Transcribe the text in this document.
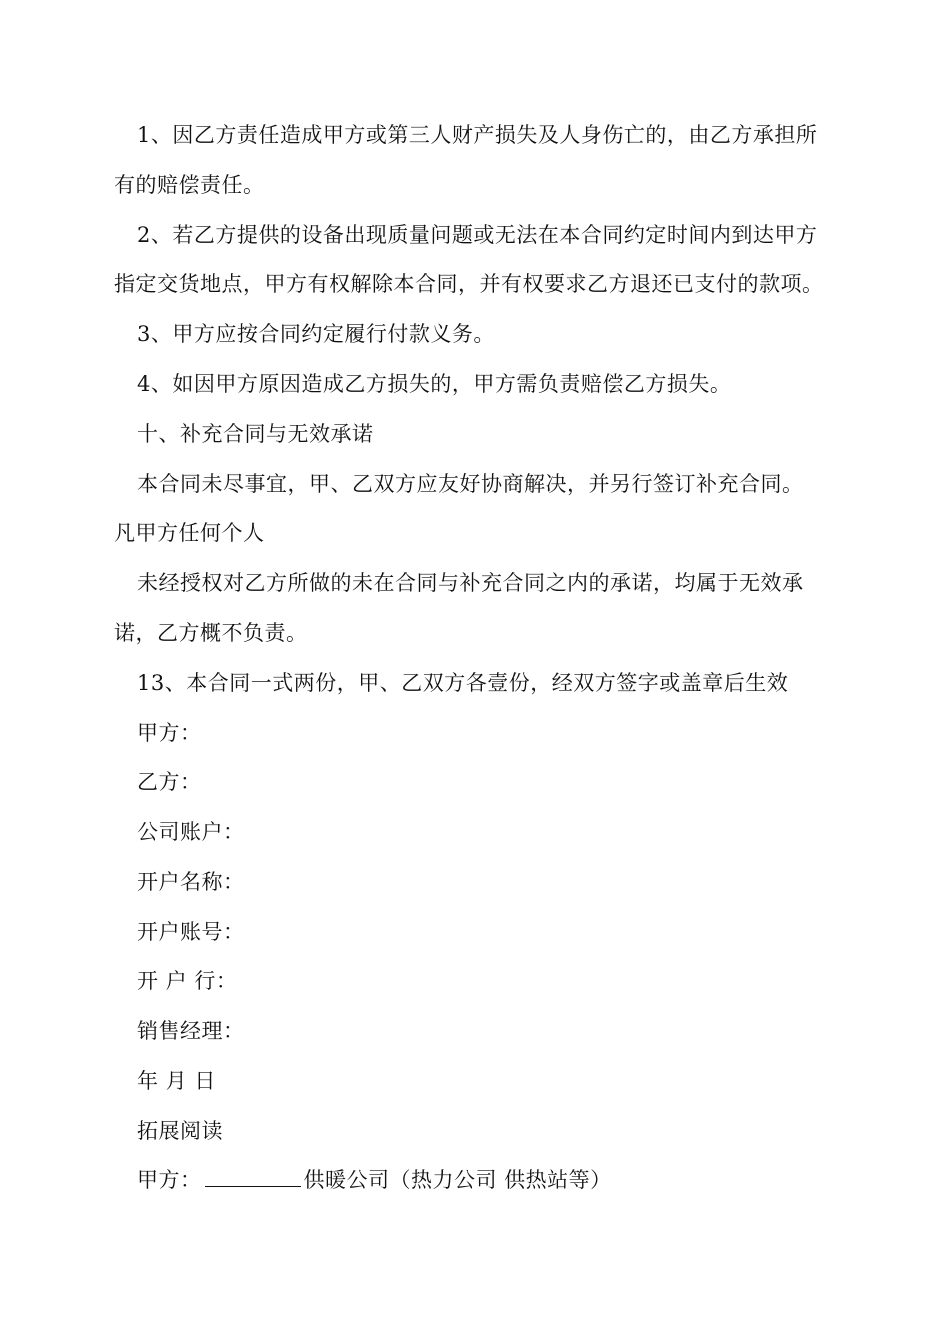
1、因乙方责任造成甲方或第三人财产损失及人身伤亡的，由乙方承担所
有的赔偿责任。
2、若乙方提供的设备出现质量问题或无法在本合同约定时间内到达甲方
指定交货地点，甲方有权解除本合同，并有权要求乙方退还已支付的款项。
3、甲方应按合同约定履行付款义务。
4、如因甲方原因造成乙方损失的，甲方需负责赔偿乙方损失。
十、补充合同与无效承诺
本合同未尽事宜，甲、乙双方应友好协商解决，并另行签订补充合同。
凡甲方任何个人
未经授权对乙方所做的未在合同与补充合同之内的承诺，均属于无效承
诺，乙方概不负责。
13、本合同一式两份，甲、乙双方各壹份，经双方签字或盖章后生效
甲方：
乙方：
公司账户：
开户名称：
开户账号：
开 户 行：
销售经理：
年 月 日
拓展阅读
甲方：	供暖公司（热力公司 供热站等）
